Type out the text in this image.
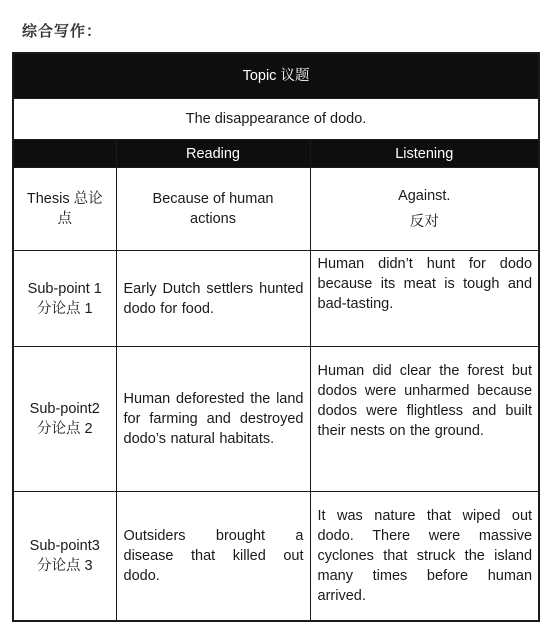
综合写作：
Topic 议题		
The disappearance of dodo.		
	Reading	Listening

Thesis 总论
点	Because of human actions	Against.
反对

Sub-point 1
分论点 1	Early Dutch settlers hunted dodo for food.	Human didn’t hunt for dodo because its meat is tough and bad-tasting.

Sub-point2
分论点 2	Human deforested the land for farming and destroyed dodo’s natural habitats.	Human did clear the forest but dodos were unharmed because dodos were flightless and built their nests on the ground.

Sub-point3
分论点 3	Outsiders brought a disease that killed out dodo.	It was nature that wiped out dodo. There were massive cyclones that struck the island many times before human arrived.
